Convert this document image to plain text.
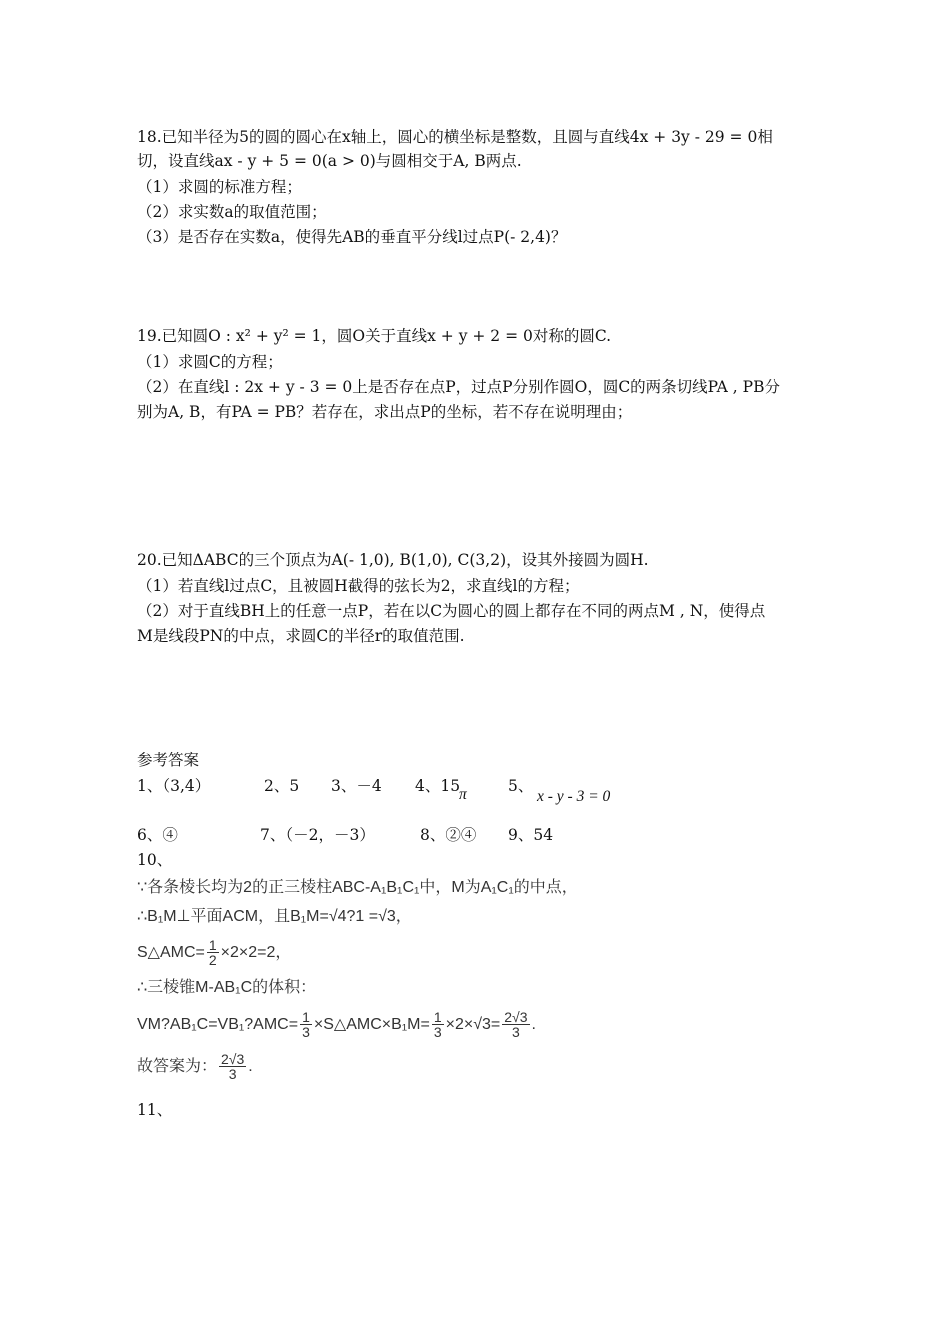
18.已知半径为5的圆的圆心在x轴上，圆心的横坐标是整数，且圆与直线4x + 3y - 29 = 0相
切，设直线ax - y + 5 = 0(a > 0)与圆相交于A, B两点.
（1）求圆的标准方程；
（2）求实数a的取值范围；
（3）是否存在实数a，使得先AB的垂直平分线l过点P(- 2,4)？
19.已知圆O : x² + y² = 1，圆O关于直线x + y + 2 = 0对称的圆C.
（1）求圆C的方程；
（2）在直线l : 2x + y - 3 = 0上是否存在点P，过点P分别作圆O，圆C的两条切线PA , PB分
别为A, B，有PA = PB？若存在，求出点P的坐标，若不存在说明理由；
20.已知ΔABC的三个顶点为A(- 1,0), B(1,0), C(3,2)，设其外接圆为圆H.
（1）若直线l过点C，且被圆H截得的弦长为2，求直线l的方程；
（2）对于直线BH上的任意一点P，若在以C为圆心的圆上都存在不同的两点M , N，使得点
M是线段PN的中点，求圆C的半径r的取值范围.
参考答案
1、（3,4）	2、5 3、－4 4、15
π	5、
x - y - 3 = 0
6、④	7、（－2，－3）	8、②④ 9、54
10、
∵各条棱长均为2的正三棱柱ABC-A₁B₁C₁中，M为A₁C₁的中点，
∴B₁M⊥平面ACM，且B₁M=√4?1 =√3，
S△AMC= $\frac{1}{2} \times 2\times 2=2$，
∴三棱锥M-AB₁C的体积：
VM?AB₁C=VB₁?AMC= $\frac{1}{3}$ ×S△AMC×B₁M= $\frac{1}{3} \times 2\times√3= \frac{2√3}{3}$ .
故答案为： $\frac{2√3}{3}$ .
11、
